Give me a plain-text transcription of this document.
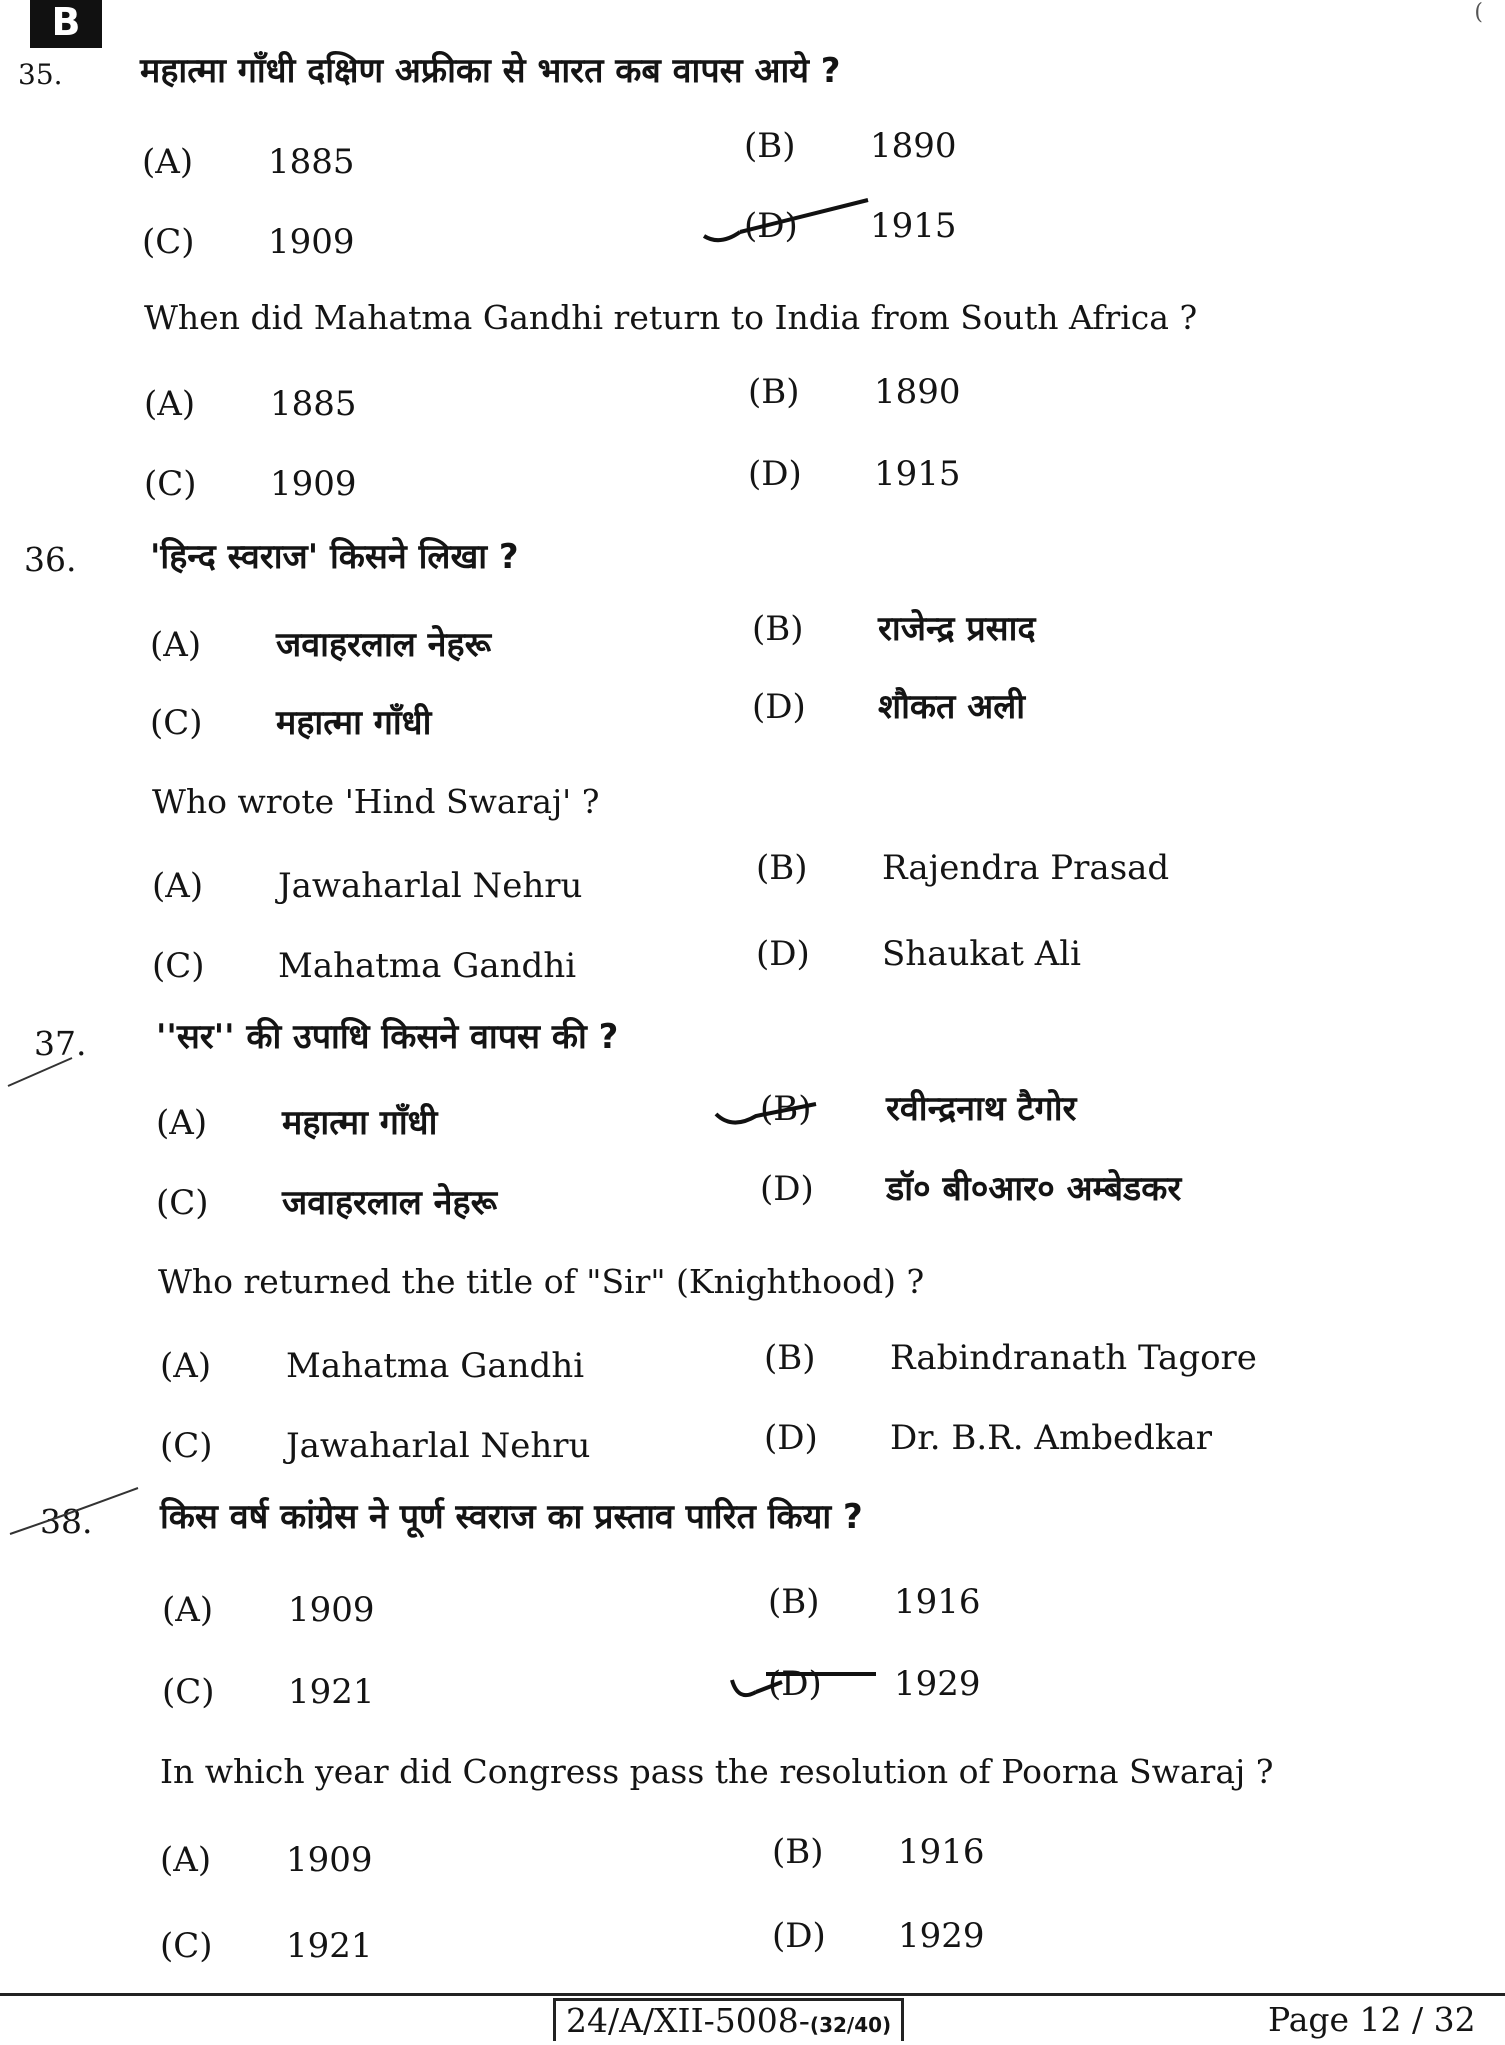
B	(
35. महात्मा गाँधी दक्षिण अफ्रीका से भारत कब वापस आये ?
(A) 1885	(B) 1890
(C) 1909	(D) 1915
When did Mahatma Gandhi return to India from South Africa ?
(A) 1885	(B) 1890
(C) 1909	(D) 1915
36. 'हिन्द स्वराज' किसने लिखा ?
(A) जवाहरलाल नेहरू	(B) राजेन्द्र प्रसाद
(C) महात्मा गाँधी	(D) शौकत अली
Who wrote 'Hind Swaraj' ?
(A) Jawaharlal Nehru	(B) Rajendra Prasad
(C) Mahatma Gandhi	(D) Shaukat Ali
37. ''सर'' की उपाधि किसने वापस की ?
(A) महात्मा गाँधी	(B) रवीन्द्रनाथ टैगोर
(C) जवाहरलाल नेहरू	(D) डॉ० बी०आर० अम्बेडकर
Who returned the title of "Sir" (Knighthood) ?
(A) Mahatma Gandhi	(B) Rabindranath Tagore
(C) Jawaharlal Nehru	(D) Dr. B.R. Ambedkar
38. किस वर्ष कांग्रेस ने पूर्ण स्वराज का प्रस्ताव पारित किया ?
(A) 1909	(B) 1916
(C) 1921	(D) 1929
In which year did Congress pass the resolution of Poorna Swaraj ?
(A) 1909	(B) 1916
(C) 1921	(D) 1929
24/A/XII-5008-(32/40)	Page 12 / 32
